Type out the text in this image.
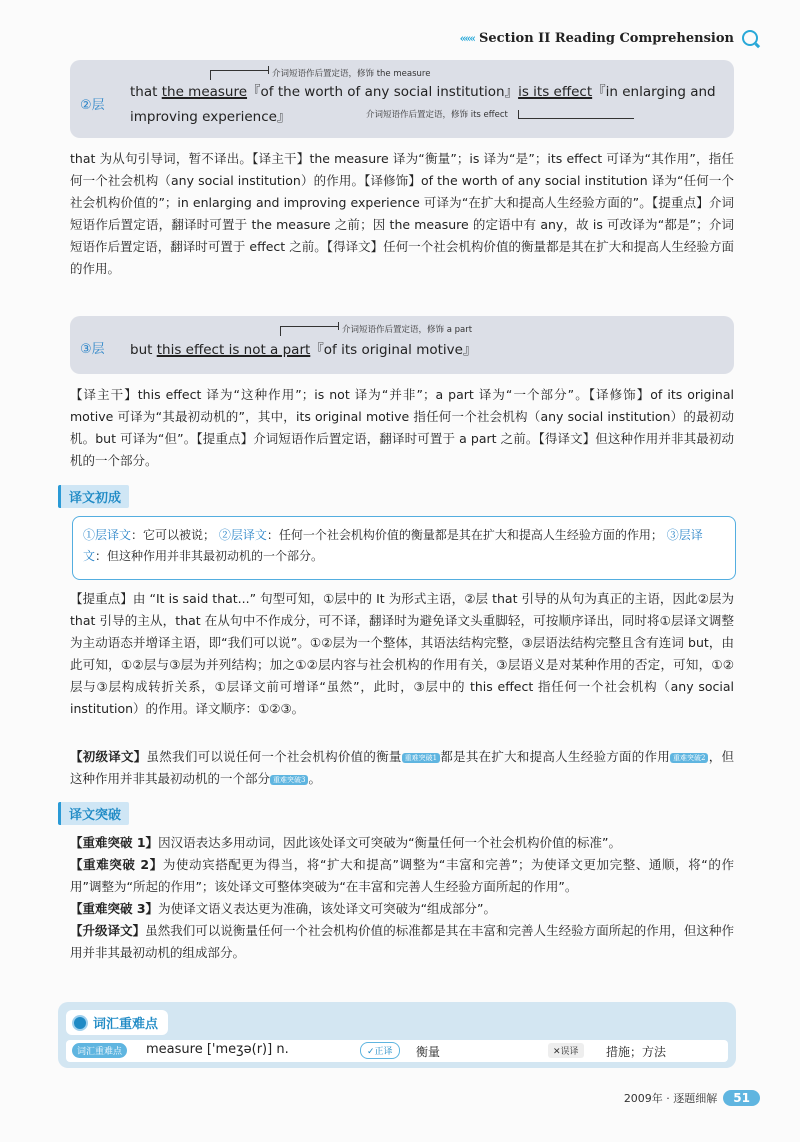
‹‹‹‹‹‹ Section II Reading Comprehension
②层
介词短语作后置定语，修饰 the measure
that the measure『of the worth of any social institution』is its effect『in enlarging and
improving experience』	介词短语作后置定语，修饰 its effect
that 为从句引导词，暂不译出。【译主干】the measure 译为“衡量”；is 译为“是”；its effect 可译为“其作用”，指任何一个社会机构（any social institution）的作用。【译修饰】of the worth of any social institution 译为“任何一个社会机构价值的”；in enlarging and improving experience 可译为“在扩大和提高人生经验方面的”。【提重点】介词短语作后置定语，翻译时可置于 the measure 之前；因 the measure 的定语中有 any，故 is 可改译为“都是”；介词短语作后置定语，翻译时可置于 effect 之前。【得译文】任何一个社会机构价值的衡量都是其在扩大和提高人生经验方面的作用。
③层
介词短语作后置定语，修饰 a part
but this effect is not a part『of its original motive』
【译主干】this effect 译为“这种作用”；is not 译为“并非”；a part 译为“一个部分”。【译修饰】of its original motive 可译为“其最初动机的”，其中，its original motive 指任何一个社会机构（any social institution）的最初动机。but 可译为“但”。【提重点】介词短语作后置定语，翻译时可置于 a part 之前。【得译文】但这种作用并非其最初动机的一个部分。
译文初成
①层译文：它可以被说； ②层译文：任何一个社会机构价值的衡量都是其在扩大和提高人生经验方面的作用； ③层译文：但这种作用并非其最初动机的一个部分。
【提重点】由 “It is said that...” 句型可知，①层中的 It 为形式主语，②层 that 引导的从句为真正的主语，因此②层为 that 引导的主从，that 在从句中不作成分，可不译，翻译时为避免译文头重脚轻，可按顺序译出，同时将①层译文调整为主动语态并增译主语，即“我们可以说”。①②层为一个整体，其语法结构完整，③层语法结构完整且含有连词 but，由此可知，①②层与③层为并列结构；加之①②层内容与社会机构的作用有关，③层语义是对某种作用的否定，可知，①②层与③层构成转折关系，①层译文前可增译“虽然”，此时，③层中的 this effect 指任何一个社会机构（any social institution）的作用。译文顺序：①②③。
【初级译文】虽然我们可以说任何一个社会机构价值的衡量 重难突破1 都是其在扩大和提高人生经验方面的作用 重难突破2 ，但这种作用并非其最初动机的一个部分 重难突破3 。
译文突破
【重难突破 1】因汉语表达多用动词，因此该处译文可突破为“衡量任何一个社会机构价值的标准”。
【重难突破 2】为使动宾搭配更为得当，将“扩大和提高”调整为“丰富和完善”；为使译文更加完整、通顺，将“的作用”调整为“所起的作用”；该处译文可整体突破为“在丰富和完善人生经验方面所起的作用”。
【重难突破 3】为使译文语义表达更为准确，该处译文可突破为“组成部分”。
【升级译文】虽然我们可以说衡量任何一个社会机构价值的标准都是其在丰富和完善人生经验方面所起的作用，但这种作用并非其最初动机的组成部分。
词汇重难点
词汇重难点	measure ['meʒə(r)] n.	✓正译	衡量	✕误译	措施；方法
2009年 · 逐题细解	51
